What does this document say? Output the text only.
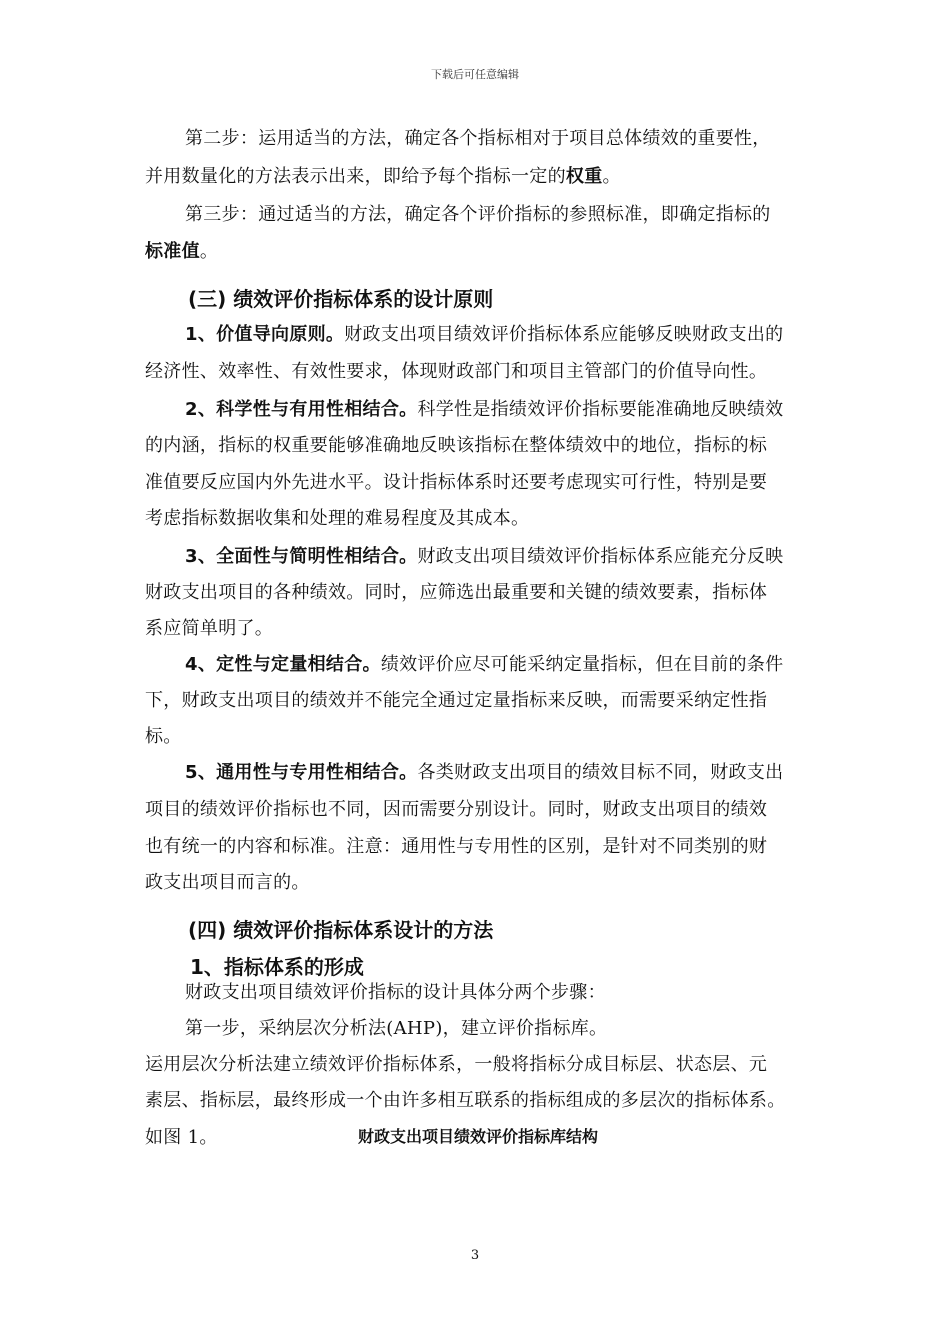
下载后可任意编辑
第二步：运用适当的方法，确定各个指标相对于项目总体绩效的重要性，
并用数量化的方法表示出来，即给予每个指标一定的权重。
第三步：通过适当的方法，确定各个评价指标的参照标准，即确定指标的
标准值。
(三) 绩效评价指标体系的设计原则
1、价值导向原则。财政支出项目绩效评价指标体系应能够反映财政支出的
经济性、效率性、有效性要求，体现财政部门和项目主管部门的价值导向性。
2、科学性与有用性相结合。科学性是指绩效评价指标要能准确地反映绩效
的内涵，指标的权重要能够准确地反映该指标在整体绩效中的地位，指标的标
准值要反应国内外先进水平。设计指标体系时还要考虑现实可行性，特别是要
考虑指标数据收集和处理的难易程度及其成本。
3、全面性与简明性相结合。财政支出项目绩效评价指标体系应能充分反映
财政支出项目的各种绩效。同时，应筛选出最重要和关键的绩效要素，指标体
系应简单明了。
4、定性与定量相结合。绩效评价应尽可能采纳定量指标，但在目前的条件
下，财政支出项目的绩效并不能完全通过定量指标来反映，而需要采纳定性指
标。
5、通用性与专用性相结合。各类财政支出项目的绩效目标不同，财政支出
项目的绩效评价指标也不同，因而需要分别设计。同时，财政支出项目的绩效
也有统一的内容和标准。注意：通用性与专用性的区别，是针对不同类别的财
政支出项目而言的。
(四) 绩效评价指标体系设计的方法
1、指标体系的形成
财政支出项目绩效评价指标的设计具体分两个步骤：
第一步，采纳层次分析法(AHP)，建立评价指标库。
运用层次分析法建立绩效评价指标体系，一般将指标分成目标层、状态层、元
素层、指标层，最终形成一个由许多相互联系的指标组成的多层次的指标体系。
如图 1。	财政支出项目绩效评价指标库结构
3
